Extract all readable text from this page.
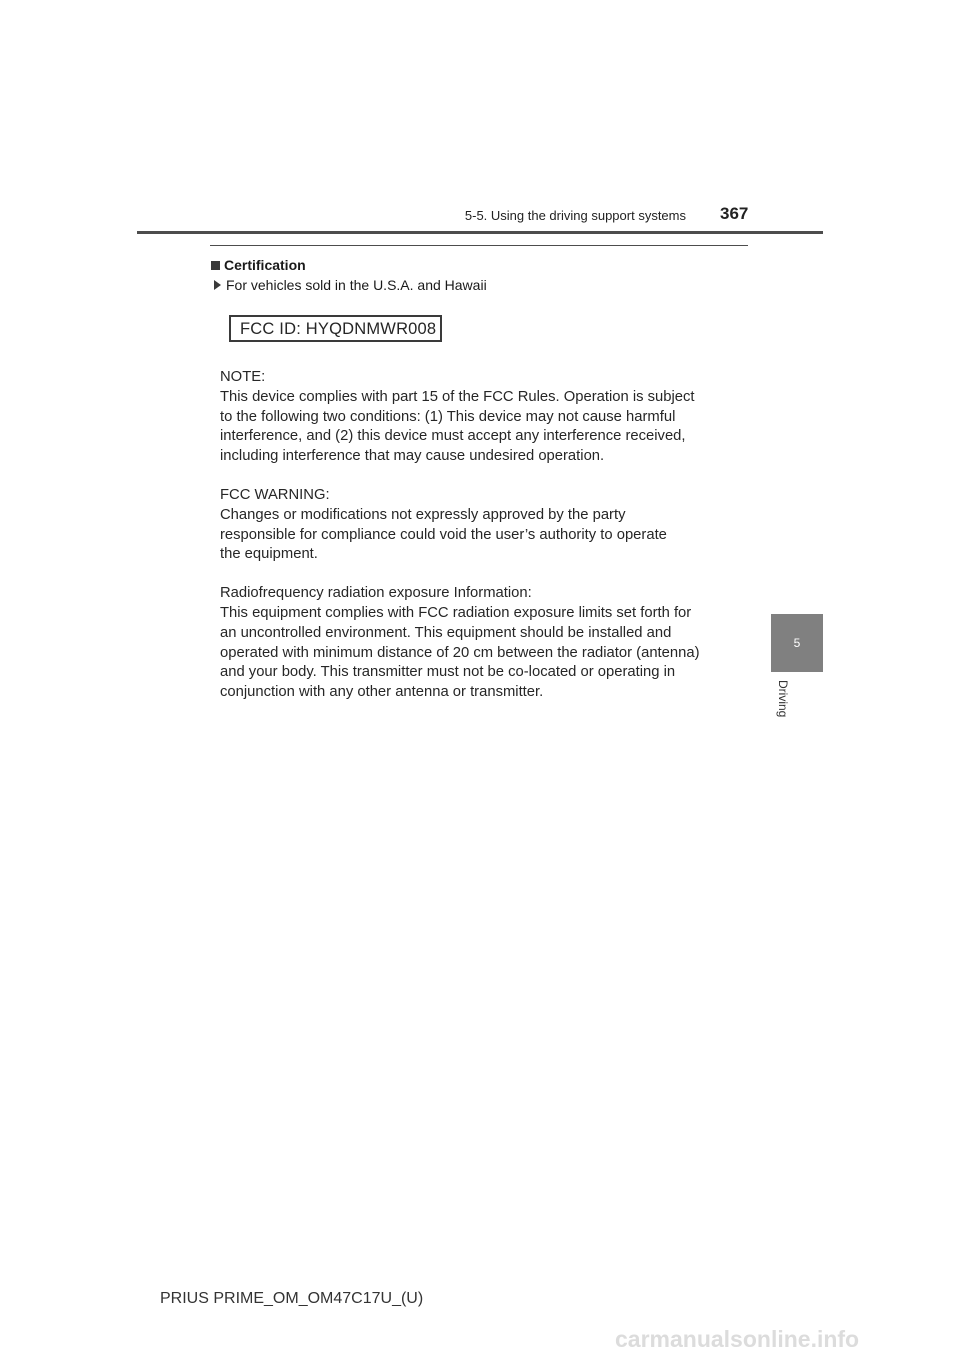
5-5. Using the driving support systems 367
Certification
For vehicles sold in the U.S.A. and Hawaii
FCC ID: HYQDNMWR008

NOTE:
This device complies with part 15 of the FCC Rules. Operation is subject
to the following two conditions: (1) This device may not cause harmful
interference, and (2) this device must accept any interference received,
including interference that may cause undesired operation.

FCC WARNING:
Changes or modifications not expressly approved by the party
responsible for compliance could void the user’s authority to operate
the equipment.

Radiofrequency radiation exposure Information:
This equipment complies with FCC radiation exposure limits set forth for
an uncontrolled environment. This equipment should be installed and
operated with minimum distance of 20 cm between the radiator (antenna)
and your body. This transmitter must not be co-located or operating in
conjunction with any other antenna or transmitter.

5
Driving
PRIUS PRIME_OM_OM47C17U_(U)
carmanualsonline.info
